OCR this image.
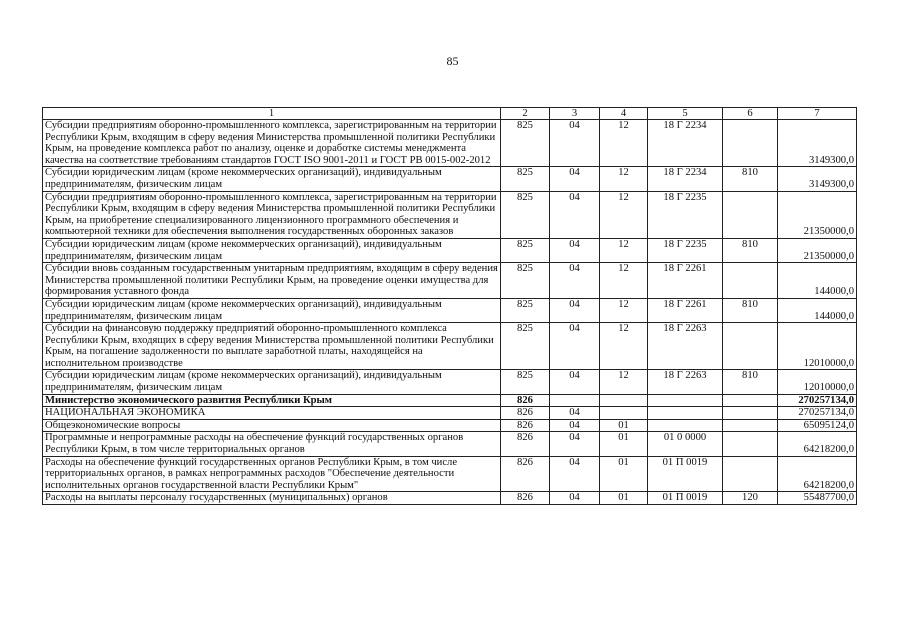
85
1	2	3	4	5	6	7
Субсидии предприятиям оборонно-промышленного комплекса, зарегистрированным на территории Республики Крым, входящим в сферу ведения Министерства промышленной политики Республики Крым, на проведение комплекса работ по анализу, оценке и доработке системы менеджмента качества на соответствие требованиям стандартов ГОСТ ISO 9001-2011 и ГОСТ РВ 0015-002-2012	825	04	12	18 Г 2234		3149300,0
Субсидии юридическим лицам (кроме некоммерческих организаций), индивидуальным предпринимателям, физическим лицам	825	04	12	18 Г 2234	810	3149300,0
Субсидии предприятиям оборонно-промышленного комплекса, зарегистрированным на территории Республики Крым, входящим в сферу ведения Министерства промышленной политики Республики Крым, на приобретение специализированного лицензионного программного обеспечения и компьютерной техники для обеспечения выполнения государственных оборонных заказов	825	04	12	18 Г 2235		21350000,0
Субсидии юридическим лицам (кроме некоммерческих организаций), индивидуальным предпринимателям, физическим лицам	825	04	12	18 Г 2235	810	21350000,0
Субсидии вновь созданным государственным унитарным предприятиям, входящим в сферу ведения Министерства промышленной политики Республики Крым, на проведение оценки имущества для формирования уставного фонда	825	04	12	18 Г 2261		144000,0
Субсидии юридическим лицам (кроме некоммерческих организаций), индивидуальным предпринимателям, физическим лицам	825	04	12	18 Г 2261	810	144000,0
Субсидии на финансовую поддержку предприятий оборонно-промышленного комплекса Республики Крым, входящих в сферу ведения Министерства промышленной политики Республики Крым, на погашение задолженности по выплате заработной платы, находящейся на исполнительном производстве	825	04	12	18 Г 2263		12010000,0
Субсидии юридическим лицам (кроме некоммерческих организаций), индивидуальным предпринимателям, физическим лицам	825	04	12	18 Г 2263	810	12010000,0
Министерство экономического развития Республики Крым	826					270257134,0
НАЦИОНАЛЬНАЯ ЭКОНОМИКА	826	04				270257134,0
Общеэкономические вопросы	826	04	01			65095124,0
Программные и непрограммные расходы на обеспечение функций государственных органов Республики Крым, в том числе территориальных органов	826	04	01	01 0 0000		64218200,0
Расходы на обеспечение функций государственных органов Республики Крым, в том числе территориальных органов, в рамках непрограммных расходов "Обеспечение деятельности исполнительных органов государственной власти Республики Крым"	826	04	01	01 П 0019		64218200,0
Расходы на выплаты персоналу государственных (муниципальных) органов	826	04	01	01 П 0019	120	55487700,0
